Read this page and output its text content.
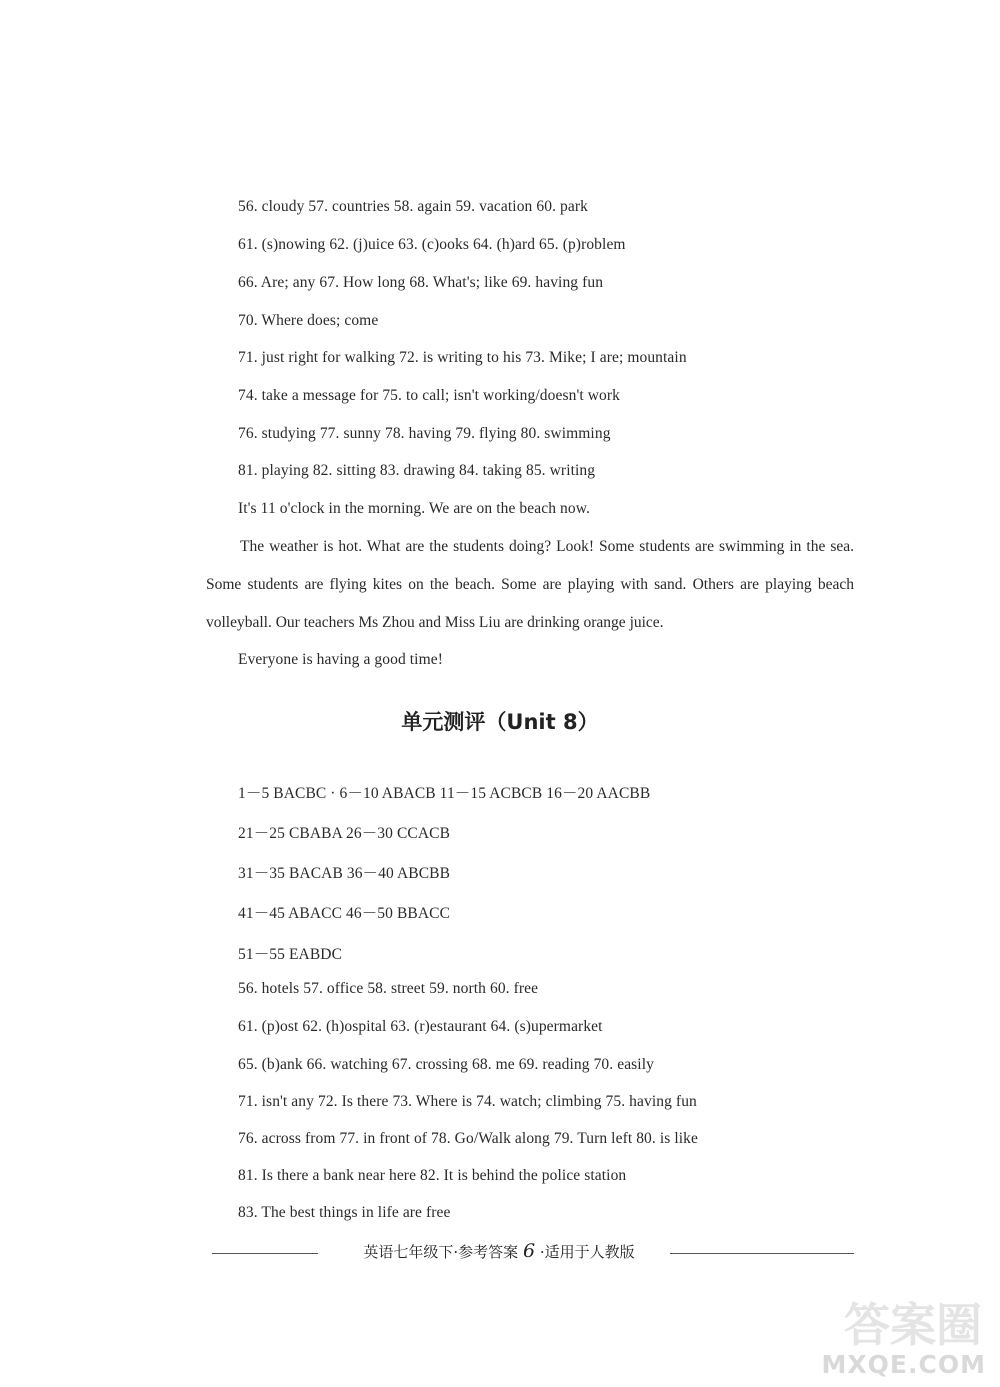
56. cloudy 57. countries 58. again 59. vacation 60. park
61. (s)nowing 62. (j)uice 63. (c)ooks 64. (h)ard 65. (p)roblem
66. Are; any 67. How long 68. What's; like 69. having fun
70. Where does; come
71. just right for walking 72. is writing to his 73. Mike; I are; mountain
74. take a message for 75. to call; isn't working/doesn't work
76. studying 77. sunny 78. having 79. flying 80. swimming
81. playing 82. sitting 83. drawing 84. taking 85. writing
It's 11 o'clock in the morning. We are on the beach now.
The weather is hot. What are the students doing? Look! Some students are swimming in the sea. Some students are flying kites on the beach. Some are playing with sand. Others are playing beach volleyball. Our teachers Ms Zhou and Miss Liu are drinking orange juice.
Everyone is having a good time!
单元测评（Unit 8）
1－5 BACBC · 6－10 ABACB 11－15 ACBCB 16－20 AACBB
21－25 CBABA 26－30 CCACB
31－35 BACAB 36－40 ABCBB
41－45 ABACC 46－50 BBACC
51－55 EABDC
56. hotels 57. office 58. street 59. north 60. free
61. (p)ost 62. (h)ospital 63. (r)estaurant 64. (s)upermarket
65. (b)ank 66. watching 67. crossing 68. me 69. reading 70. easily
71. isn't any 72. Is there 73. Where is 74. watch; climbing 75. having fun
76. across from 77. in front of 78. Go/Walk along 79. Turn left 80. is like
81. Is there a bank near here 82. It is behind the police station
83. The best things in life are free
英语七年级下·参考答案 6 ·适用于人教版
答案圈
MXQE.COM
